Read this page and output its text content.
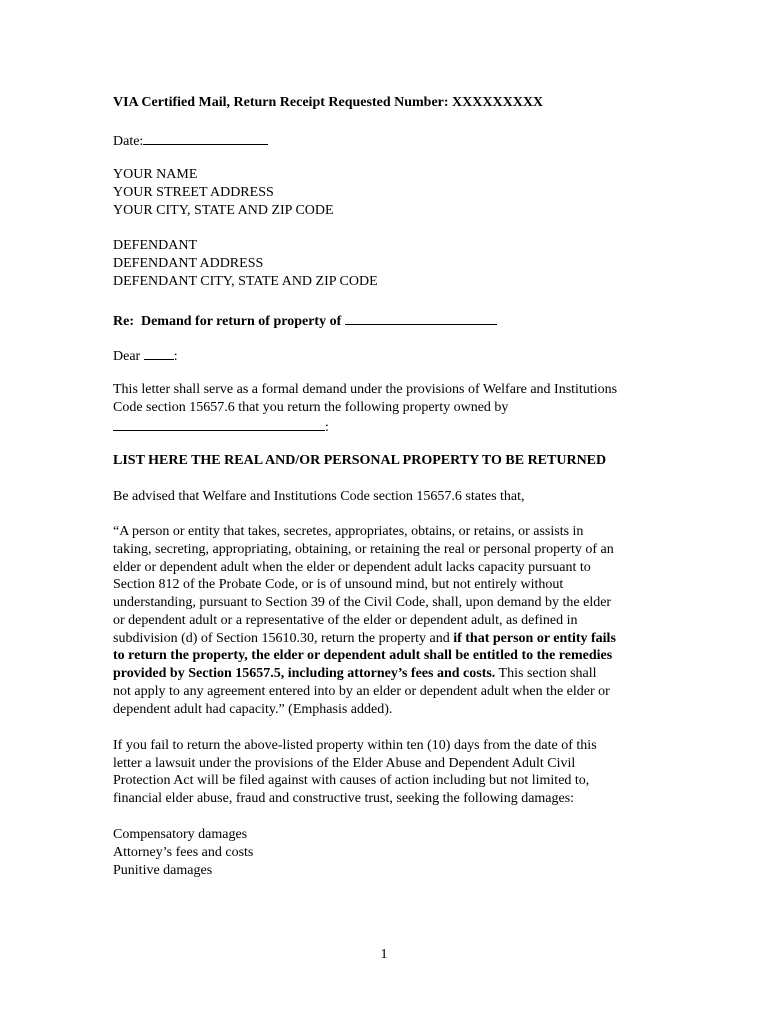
VIA Certified Mail, Return Receipt Requested Number: XXXXXXXXX
Date:
YOUR NAME
YOUR STREET ADDRESS
YOUR CITY, STATE AND ZIP CODE
DEFENDANT
DEFENDANT ADDRESS
DEFENDANT CITY, STATE AND ZIP CODE
Re:  Demand for return of property of
Dear :
This letter shall serve as a formal demand under the provisions of Welfare and Institutions
Code section 15657.6 that you return the following property owned by
:
LIST HERE THE REAL AND/OR PERSONAL PROPERTY TO BE RETURNED
Be advised that Welfare and Institutions Code section 15657.6 states that,
“A person or entity that takes, secretes, appropriates, obtains, or retains, or assists in
taking, secreting, appropriating, obtaining, or retaining the real or personal property of an
elder or dependent adult when the elder or dependent adult lacks capacity pursuant to
Section 812 of the Probate Code, or is of unsound mind, but not entirely without
understanding, pursuant to Section 39 of the Civil Code, shall, upon demand by the elder
or dependent adult or a representative of the elder or dependent adult, as defined in
subdivision (d) of Section 15610.30, return the property and if that person or entity fails
to return the property, the elder or dependent adult shall be entitled to the remedies
provided by Section 15657.5, including attorney’s fees and costs. This section shall
not apply to any agreement entered into by an elder or dependent adult when the elder or
dependent adult had capacity.” (Emphasis added).
If you fail to return the above-listed property within ten (10) days from the date of this
letter a lawsuit under the provisions of the Elder Abuse and Dependent Adult Civil
Protection Act will be filed against with causes of action including but not limited to,
financial elder abuse, fraud and constructive trust, seeking the following damages:
Compensatory damages
Attorney’s fees and costs
Punitive damages
1
